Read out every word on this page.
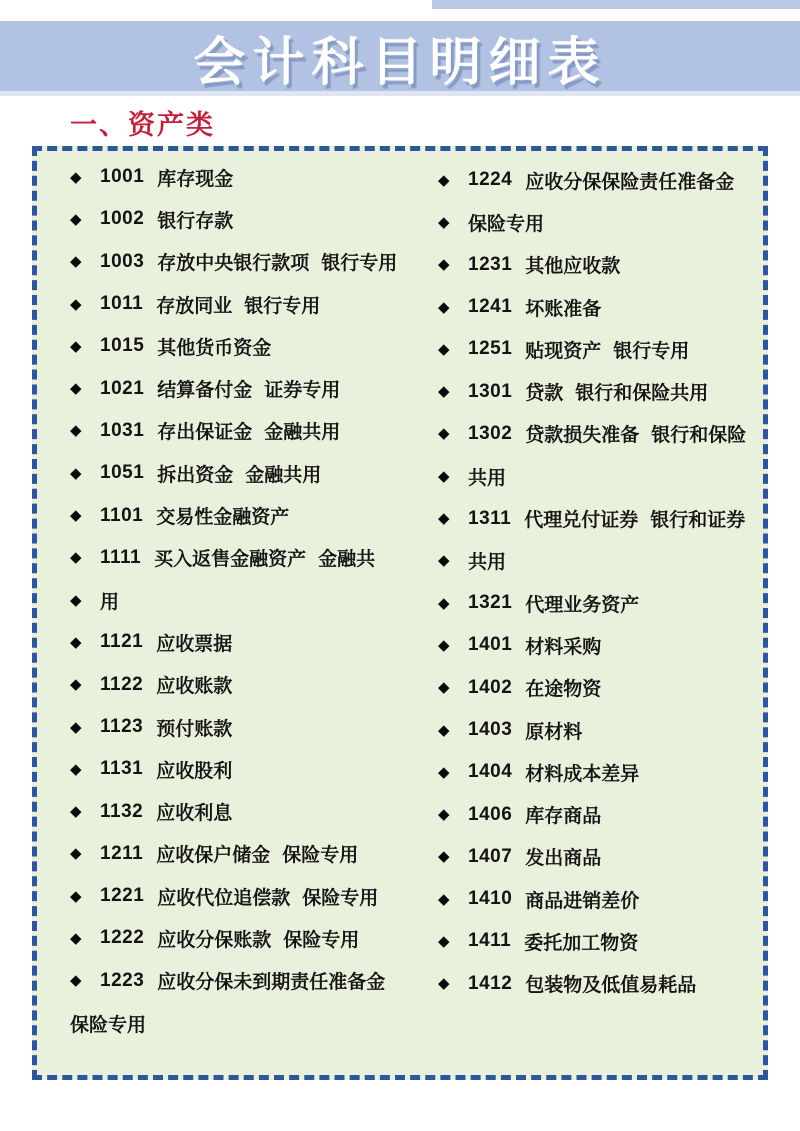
会计科目明细表
一、资产类
◆ 1001 库存现金
◆ 1002 银行存款
◆ 1003 存放中央银行款项 银行专用
◆ 1011 存放同业 银行专用
◆ 1015 其他货币资金
◆ 1021 结算备付金 证券专用
◆ 1031 存出保证金 金融共用
◆ 1051 拆出资金 金融共用
◆ 1101 交易性金融资产
◆ 1111 买入返售金融资产 金融共
◆ 用
◆ 1121 应收票据
◆ 1122 应收账款
◆ 1123 预付账款
◆ 1131 应收股利
◆ 1132 应收利息
◆ 1211 应收保户储金 保险专用
◆ 1221 应收代位追偿款 保险专用
◆ 1222 应收分保账款 保险专用
◆ 1223 应收分保未到期责任准备金
保险专用
◆ 1224 应收分保保险责任准备金
◆ 保险专用
◆ 1231 其他应收款
◆ 1241 坏账准备
◆ 1251 贴现资产 银行专用
◆ 1301 贷款 银行和保险共用
◆ 1302 贷款损失准备 银行和保险
◆ 共用
◆ 1311 代理兑付证券 银行和证券
◆ 共用
◆ 1321 代理业务资产
◆ 1401 材料采购
◆ 1402 在途物资
◆ 1403 原材料
◆ 1404 材料成本差异
◆ 1406 库存商品
◆ 1407 发出商品
◆ 1410 商品进销差价
◆ 1411 委托加工物资
◆ 1412 包装物及低值易耗品
